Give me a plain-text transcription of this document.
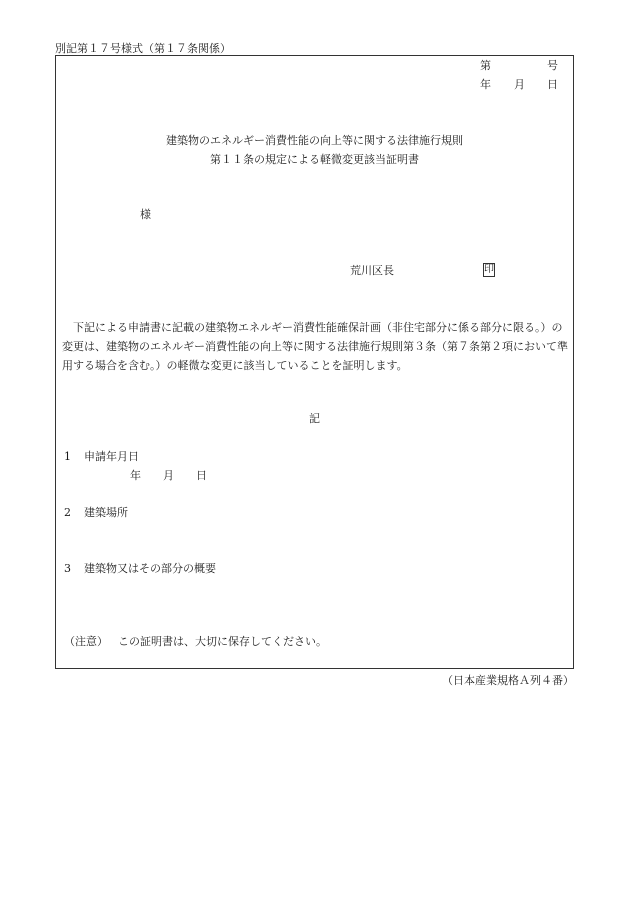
別記第１７号様式（第１７条関係）
第	号
年 月 日
建築物のエネルギー消費性能の向上等に関する法律施行規則
第１１条の規定による軽微変更該当証明書
様
荒川区長	印
下記による申請書に記載の建築物エネルギー消費性能確保計画（非住宅部分に係る部分に限る。）の
変更は、建築物のエネルギー消費性能の向上等に関する法律施行規則第３条（第７条第２項において準
用する場合を含む。）の軽微な変更に該当していることを証明します。
記
1 申請年月日
年 月 日
2 建築場所
3 建築物又はその部分の概要
（注意） この証明書は、大切に保存してください。
（日本産業規格Ａ列４番）
